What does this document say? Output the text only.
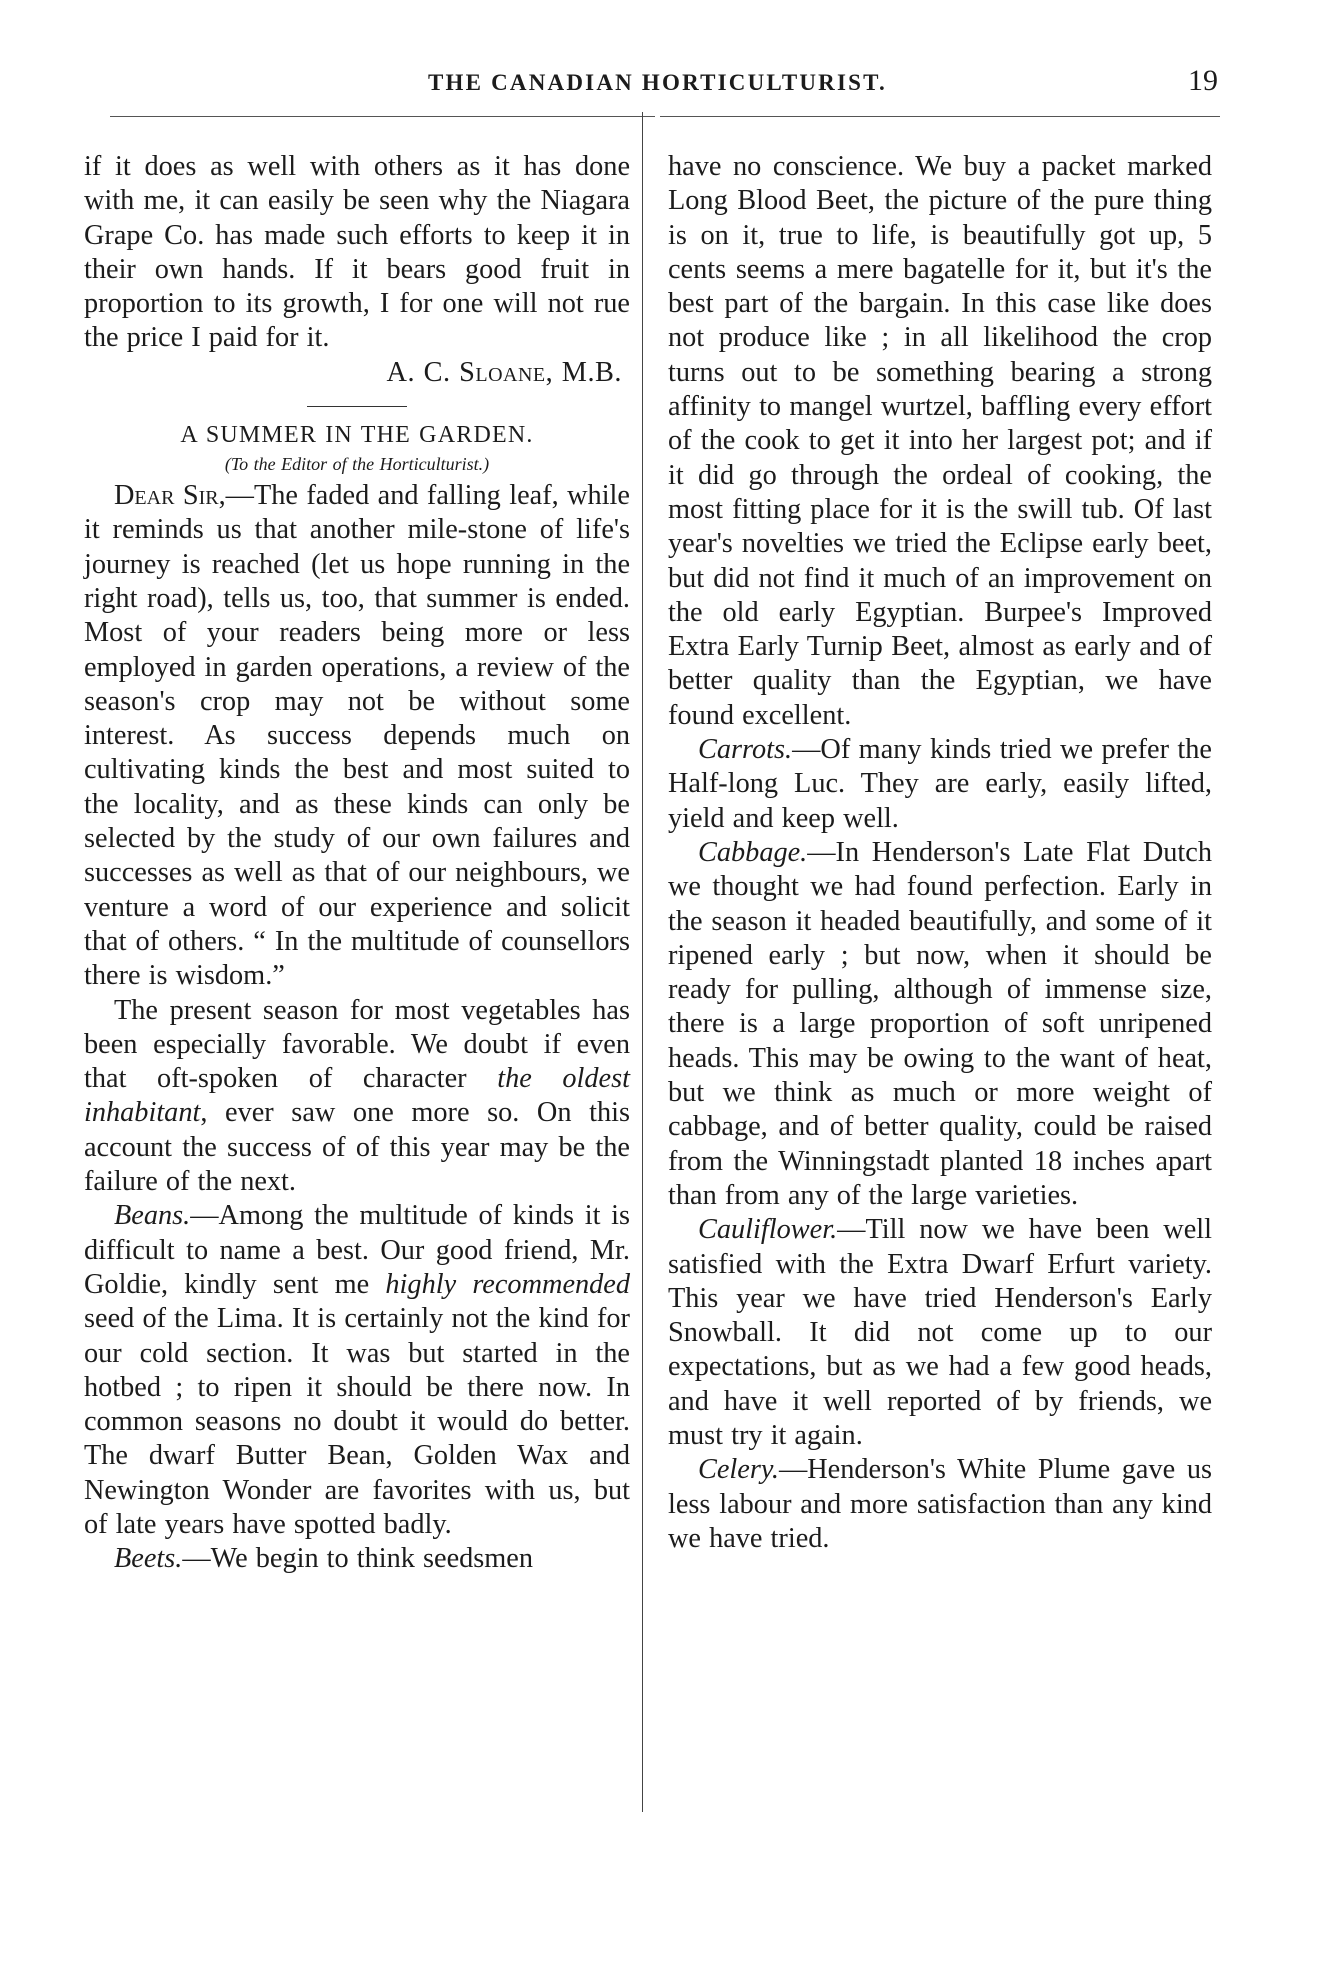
THE CANADIAN HORTICULTURIST.	19

if it does as well with others as it has done with me, it can easily be seen why the Niagara Grape Co. has made such efforts to keep it in their own hands. If it bears good fruit in proportion to its growth, I for one will not rue the price I paid for it.

A. C. Sloane, M.B.
A SUMMER IN THE GARDEN.
(To the Editor of the Horticulturist.)

Dear Sir,—The faded and falling leaf, while it reminds us that another mile-stone of life's journey is reached (let us hope running in the right road), tells us, too, that summer is ended. Most of your readers being more or less employed in garden operations, a review of the season's crop may not be without some interest. As success depends much on cultivating kinds the best and most suited to the locality, and as these kinds can only be selected by the study of our own failures and successes as well as that of our neighbours, we venture a word of our experience and solicit that of others. “ In the multitude of counsellors there is wisdom.”

The present season for most vegetables has been especially favorable. We doubt if even that oft-spoken of character the oldest inhabitant, ever saw one more so. On this account the success of of this year may be the failure of the next.

Beans.—Among the multitude of kinds it is difficult to name a best. Our good friend, Mr. Goldie, kindly sent me highly recommended seed of the Lima. It is certainly not the kind for our cold section. It was but started in the hotbed ; to ripen it should be there now. In common seasons no doubt it would do better. The dwarf Butter Bean, Golden Wax and Newington Wonder are favorites with us, but of late years have spotted badly.

Beets.—We begin to think seedsmen

have no conscience. We buy a packet marked Long Blood Beet, the picture of the pure thing is on it, true to life, is beautifully got up, 5 cents seems a mere bagatelle for it, but it's the best part of the bargain. In this case like does not produce like ; in all likelihood the crop turns out to be something bearing a strong affinity to mangel wurtzel, baffling every effort of the cook to get it into her largest pot; and if it did go through the ordeal of cooking, the most fitting place for it is the swill tub. Of last year's novelties we tried the Eclipse early beet, but did not find it much of an improvement on the old early Egyptian. Burpee's Improved Extra Early Turnip Beet, almost as early and of better quality than the Egyptian, we have found excellent.

Carrots.—Of many kinds tried we prefer the Half-long Luc. They are early, easily lifted, yield and keep well.

Cabbage.—In Henderson's Late Flat Dutch we thought we had found perfection. Early in the season it headed beautifully, and some of it ripened early ; but now, when it should be ready for pulling, although of immense size, there is a large proportion of soft unripened heads. This may be owing to the want of heat, but we think as much or more weight of cabbage, and of better quality, could be raised from the Winningstadt planted 18 inches apart than from any of the large varieties.

Cauliflower.—Till now we have been well satisfied with the Extra Dwarf Erfurt variety. This year we have tried Henderson's Early Snowball. It did not come up to our expectations, but as we had a few good heads, and have it well reported of by friends, we must try it again.

Celery.—Henderson's White Plume gave us less labour and more satisfaction than any kind we have tried.
